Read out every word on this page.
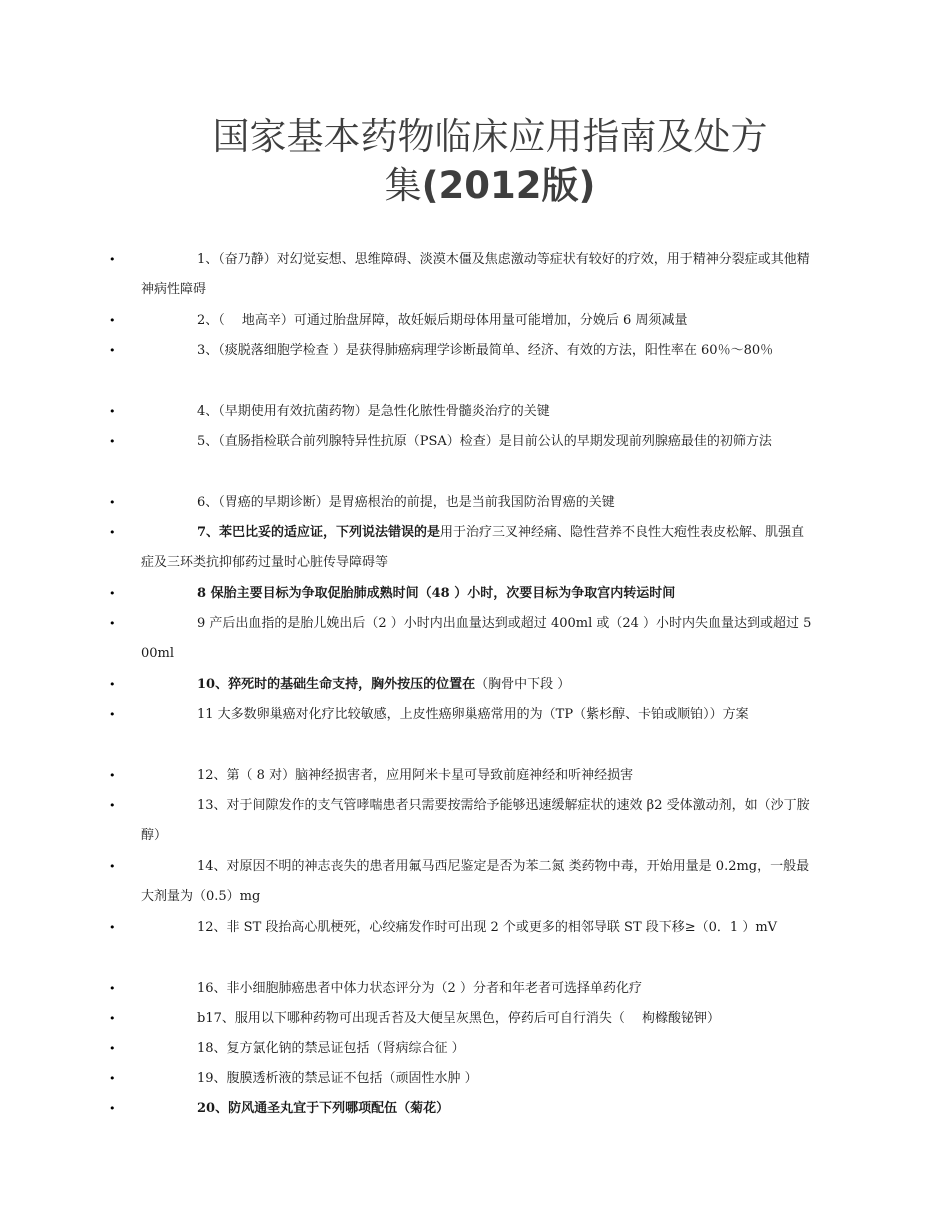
国家基本药物临床应用指南及处方
集(2012版)
•	1、（奋乃静）对幻觉妄想、思维障碍、淡漠木僵及焦虑激动等症状有较好的疗效，用于精神分裂症或其他精神病性障碍
•	2、（　 地高辛）可通过胎盘屏障，故妊娠后期母体用量可能增加，分娩后 6 周须减量
•	3、（痰脱落细胞学检查 ）是获得肺癌病理学诊断最简单、经济、有效的方法，阳性率在 60％～80％
•	4、（早期使用有效抗菌药物）是急性化脓性骨髓炎治疗的关键
•	5、（直肠指检联合前列腺特异性抗原（PSA）检查）是目前公认的早期发现前列腺癌最佳的初筛方法
•	6、（胃癌的早期诊断）是胃癌根治的前提，也是当前我国防治胃癌的关键
•	7、苯巴比妥的适应证，下列说法错误的是用于治疗三叉神经痛、隐性营养不良性大疱性表皮松解、肌强直症及三环类抗抑郁药过量时心脏传导障碍等
•	8 保胎主要目标为争取促胎肺成熟时间（48 ）小时，次要目标为争取宫内转运时间
•	9 产后出血指的是胎儿娩出后（2 ）小时内出血量达到或超过 400ml 或（24 ）小时内失血量达到或超过 500ml
•	10、猝死时的基础生命支持，胸外按压的位置在（胸骨中下段 ）
•	11 大多数卵巢癌对化疗比较敏感，上皮性癌卵巢癌常用的为（TP（紫杉醇、卡铂或顺铂））方案
•	12、第（ 8 对）脑神经损害者，应用阿米卡星可导致前庭神经和听神经损害
•	13、对于间隙发作的支气管哮喘患者只需要按需给予能够迅速缓解症状的速效 β2 受体激动剂，如（沙丁胺醇）
•	14、对原因不明的神志丧失的患者用氟马西尼鉴定是否为苯二氮 类药物中毒，开始用量是 0.2mg，一般最大剂量为（0.5）mg
•	12、非 ST 段抬高心肌梗死，心绞痛发作时可出现 2 个或更多的相邻导联 ST 段下移≥（0．1 ）mV
•	16、非小细胞肺癌患者中体力状态评分为（2 ）分者和年老者可选择单药化疗
•	b17、服用以下哪种药物可出现舌苔及大便呈灰黑色，停药后可自行消失（　 枸橼酸铋钾）
•	18、复方氯化钠的禁忌证包括（肾病综合征 ）
•	19、腹膜透析液的禁忌证不包括（顽固性水肿 ）
•	20、防风通圣丸宜于下列哪项配伍（菊花）
